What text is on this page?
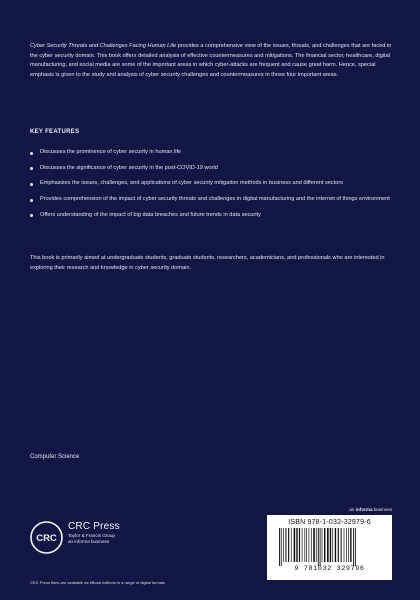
Cyber Security Threats and Challenges Facing Human Life provides a comprehensive view of the issues, threats, and challenges that are faced in the cyber security domain. This book offers detailed analysis of effective countermeasures and mitigations. The financial sector, healthcare, digital manufacturing, and social media are some of the important areas in which cyber-attacks are frequent and cause great harm. Hence, special emphasis is given to the study and analysis of cyber security challenges and countermeasures in those four important areas.

KEY FEATURES
Discusses the prominence of cyber security in human life
Discusses the significance of cyber security in the post-COVID-19 world
Emphasizes the issues, challenges, and applications of cyber security mitigation methods in business and different sectors
Provides comprehension of the impact of cyber security threats and challenges in digital manufacturing and the internet of things environment
Offers understanding of the impact of big data breaches and future trends in data security

This book is primarily aimed at undergraduate students, graduate students, researchers, academicians, and professionals who are interested in exploring their research and knowledge in cyber security domain.

Computer Science
CRC
CRC Press
Taylor & Francis Group
an informa business
CRC Press titles are available as eBook editions in a range of digital formats
an informa business
ISBN 978-1-032-32979-6
9 781032 329796
